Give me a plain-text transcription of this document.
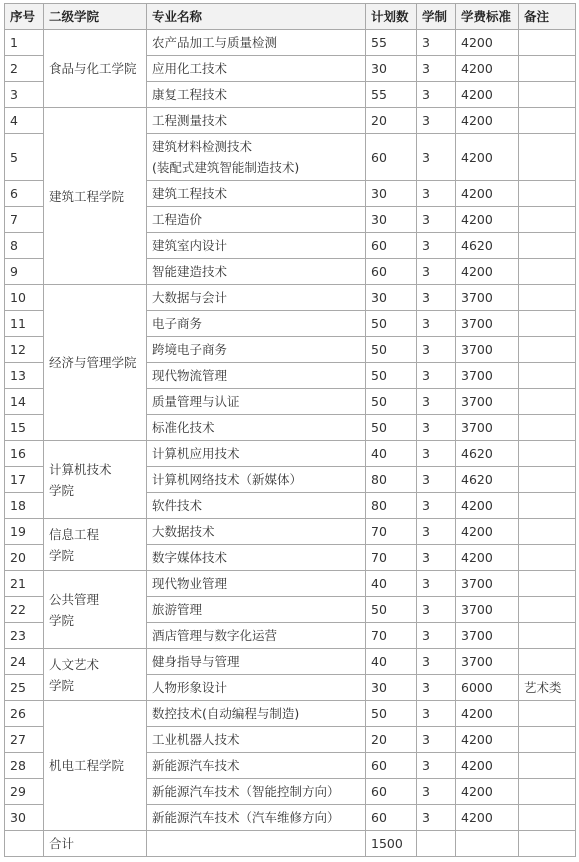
序号	二级学院	专业名称	计划数	学制	学费标准	备注
1	食品与化工学院	农产品加工与质量检测	55	3	4200	
2		应用化工技术	30	3	4200	
3		康复工程技术	55	3	4200	
4	建筑工程学院	工程测量技术	20	3	4200	
5		建筑材料检测技术
(装配式建筑智能制造技术)	60	3	4200	
6		建筑工程技术	30	3	4200	
7		工程造价	30	3	4200	
8		建筑室内设计	60	3	4620	
9		智能建造技术	60	3	4200	
10	经济与管理学院	大数据与会计	30	3	3700	
11		电子商务	50	3	3700	
12		跨境电子商务	50	3	3700	
13		现代物流管理	50	3	3700	
14		质量管理与认证	50	3	3700	
15		标准化技术	50	3	3700	
16	计算机技术
学院	计算机应用技术	40	3	4620	
17		计算机网络技术（新媒体）	80	3	4620	
18		软件技术	80	3	4200	
19	信息工程
学院	大数据技术	70	3	4200	
20		数字媒体技术	70	3	4200	
21	公共管理
学院	现代物业管理	40	3	3700	
22		旅游管理	50	3	3700	
23		酒店管理与数字化运营	70	3	3700	
24	人文艺术
学院	健身指导与管理	40	3	3700	
25		人物形象设计	30	3	6000	艺术类
26	机电工程学院	数控技术(自动编程与制造)	50	3	4200	
27		工业机器人技术	20	3	4200	
28		新能源汽车技术	60	3	4200	
29		新能源汽车技术（智能控制方向）	60	3	4200	
30		新能源汽车技术（汽车维修方向）	60	3	4200	
	合计		1500			
